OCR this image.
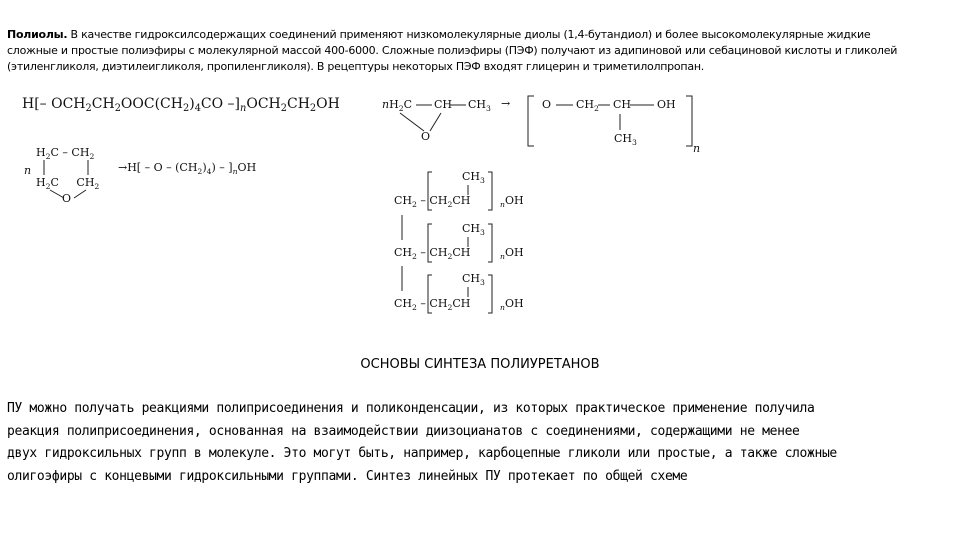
Полиолы. В качестве гидроксилсодержащих соединений применяют низкомолекулярные диолы (1,4-бутандиол) и более высокомолекулярные жидкие
сложные и простые полиэфиры с молекулярной массой 400-6000. Сложные полиэфиры (ПЭФ) получают из адипиновой или себациновой кислоты и гликолей
(этиленгликоля, диэтилеигликоля, пропиленгликоля). В рецептуры некоторых ПЭФ входят глицерин и триметилолпропан.
H[– $OCH_2CH_2OOC(CH_2)_4CO$ $-]_nOCH_2CH_2OH$	$nH_2C$ CH $CH_3$ →
O
O $CH_2$ CH OH
$CH_3$	n
$H_2C - CH_2$
n
$H_2C$ $CH_2$
O
$\to H[ - O - (CH_2)_4) - ]_nOH$
$CH_3$
$CH_2 - CH_2CH$	$_n$OH
$CH_3$
$CH_2 - CH_2CH$	$_n$OH
$CH_3$
$CH_2 - CH_2CH$	$_n$OH
ОСНОВЫ СИНТЕЗА ПОЛИУРЕТАНОВ
ПУ можно получать реакциями полиприсоединения и поликонденсации, из которых практическое применение получила
реакция полиприсоединения, основанная на взаимодействии диизоцианатов с соединениями, содержащими не менее
двух гидроксильных групп в молекуле. Это могут быть, например, карбоцепные гликоли или простые, а также сложные
олигоэфиры с концевыми гидроксильными группами. Синтез линейных ПУ протекает по общей схеме
